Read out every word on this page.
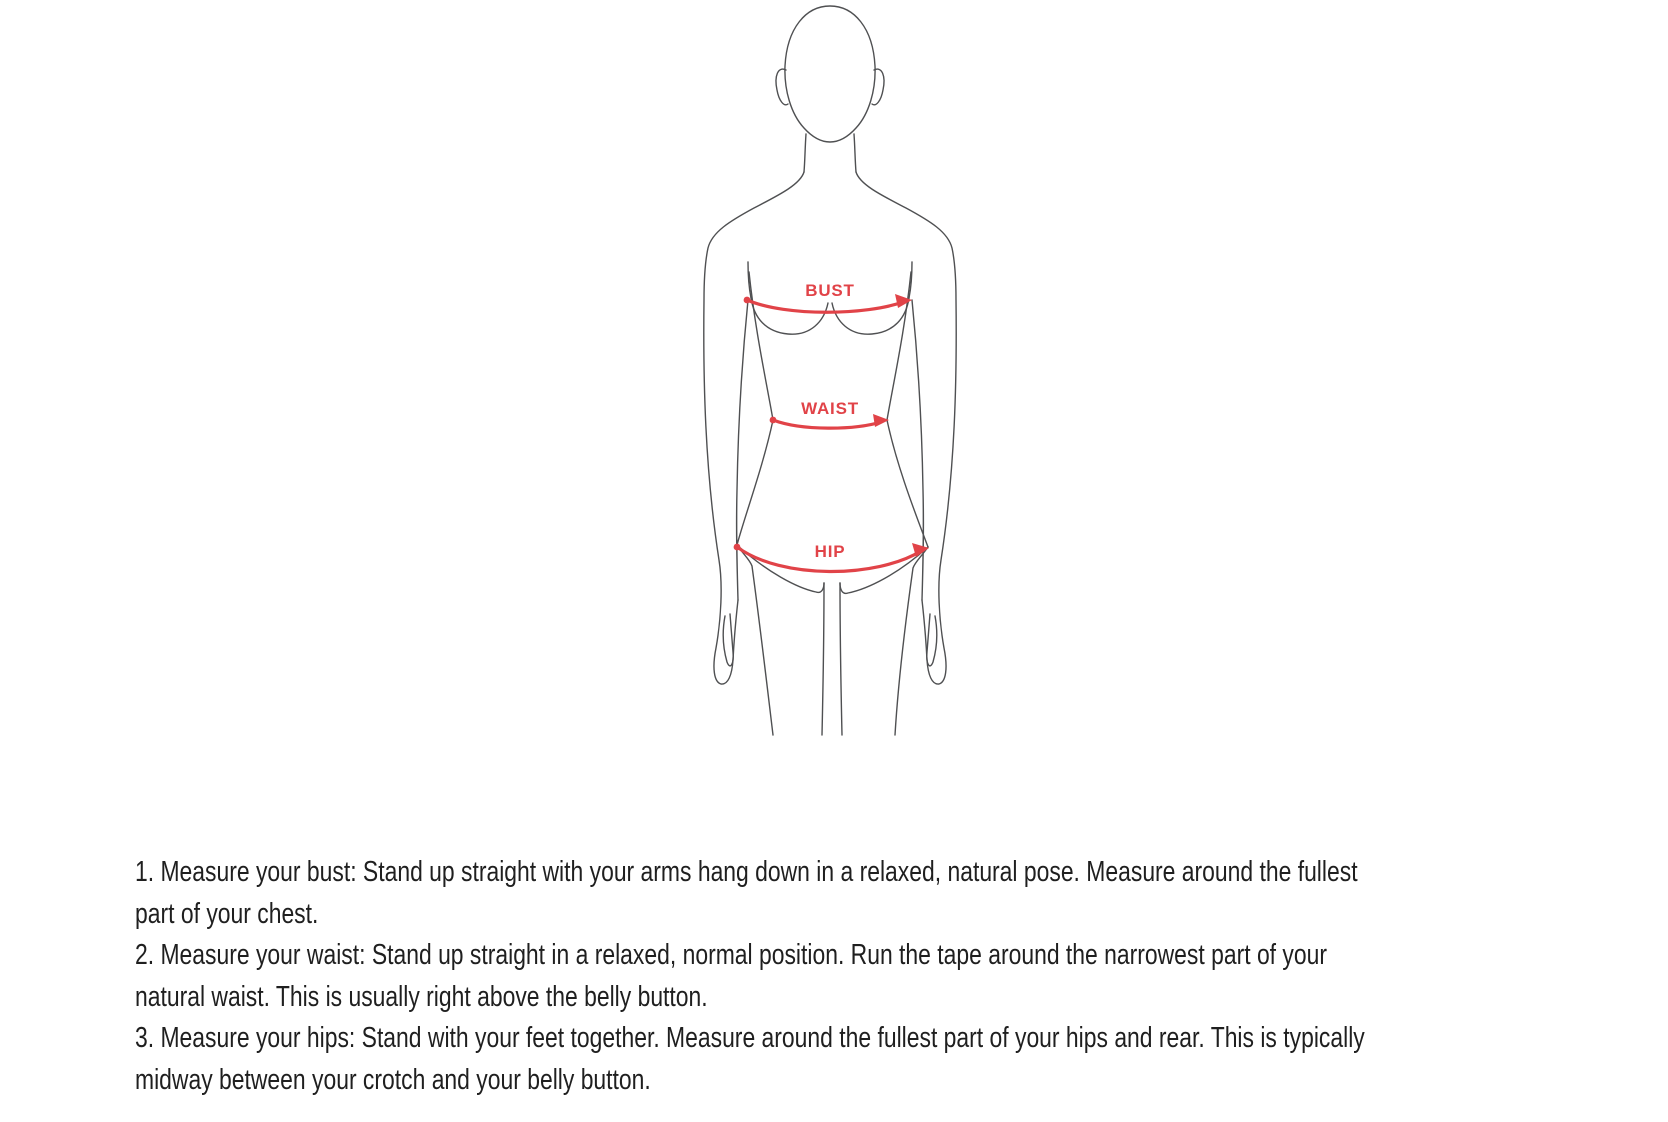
BUST
WAIST
HIP
1. Measure your bust: Stand up straight with your arms hang down in a relaxed, natural pose. Measure around the fullest
part of your chest.
2. Measure your waist: Stand up straight in a relaxed, normal position. Run the tape around the narrowest part of your
natural waist. This is usually right above the belly button.
3. Measure your hips: Stand with your feet together. Measure around the fullest part of your hips and rear. This is typically
midway between your crotch and your belly button.
